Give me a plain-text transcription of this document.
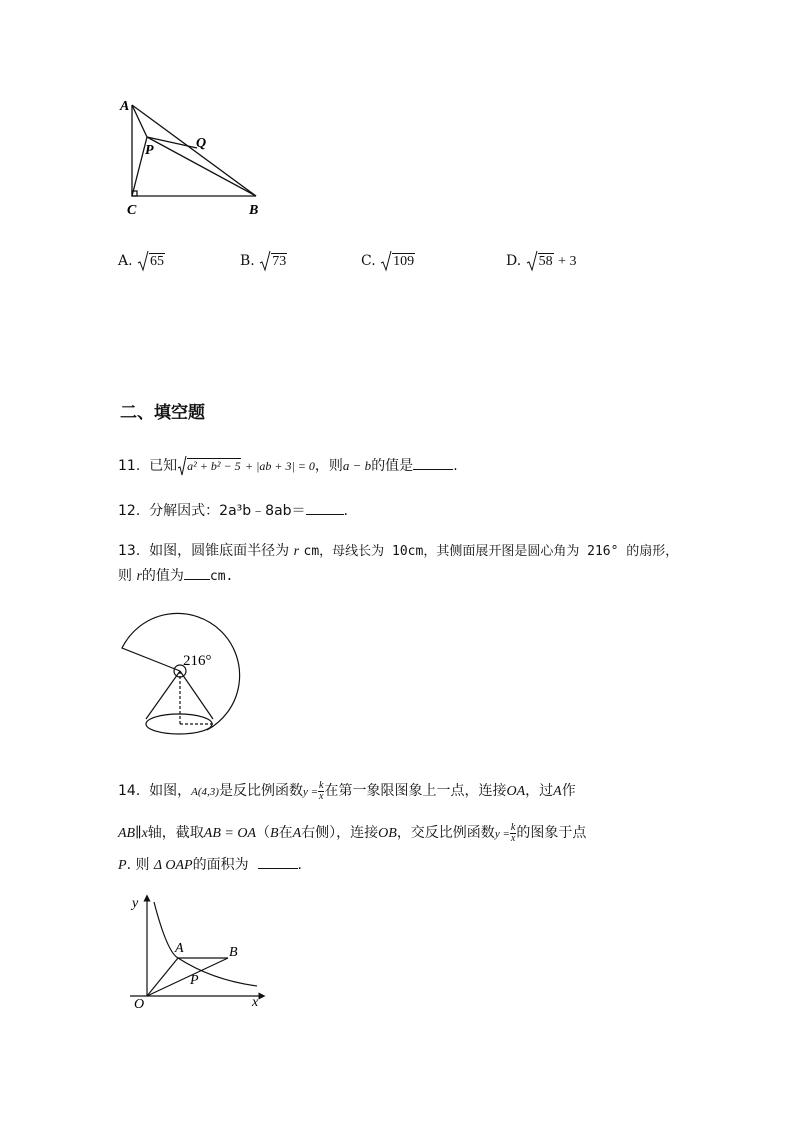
A
P	Q
C	B
A. 65	B. 73	C. 109	D. 58 + 3
二、填空题
11. 已知 a² + b² − 5 + |ab + 3| = 0，则a − b的值是	.
12. 分解因式：2a³b﹣8ab＝	.
13. 如图，圆锥底面半径为 r cm，母线长为 10cm，其侧面展开图是圆心角为 216° 的扇形，
则 r的值为 cm.
216°
14. 如图，A(4,3)是反比例函数$y = \frac{k}{x}$ 在第一象限图象上一点，连接OA，过A作
AB∥x轴，截取AB = OA（B在A右侧），连接OB，交反比例函数$y = \frac{k}{x}$ 的图象于点
P. 则 Δ OAP的面积为	.
y
x
O
A	B
P
